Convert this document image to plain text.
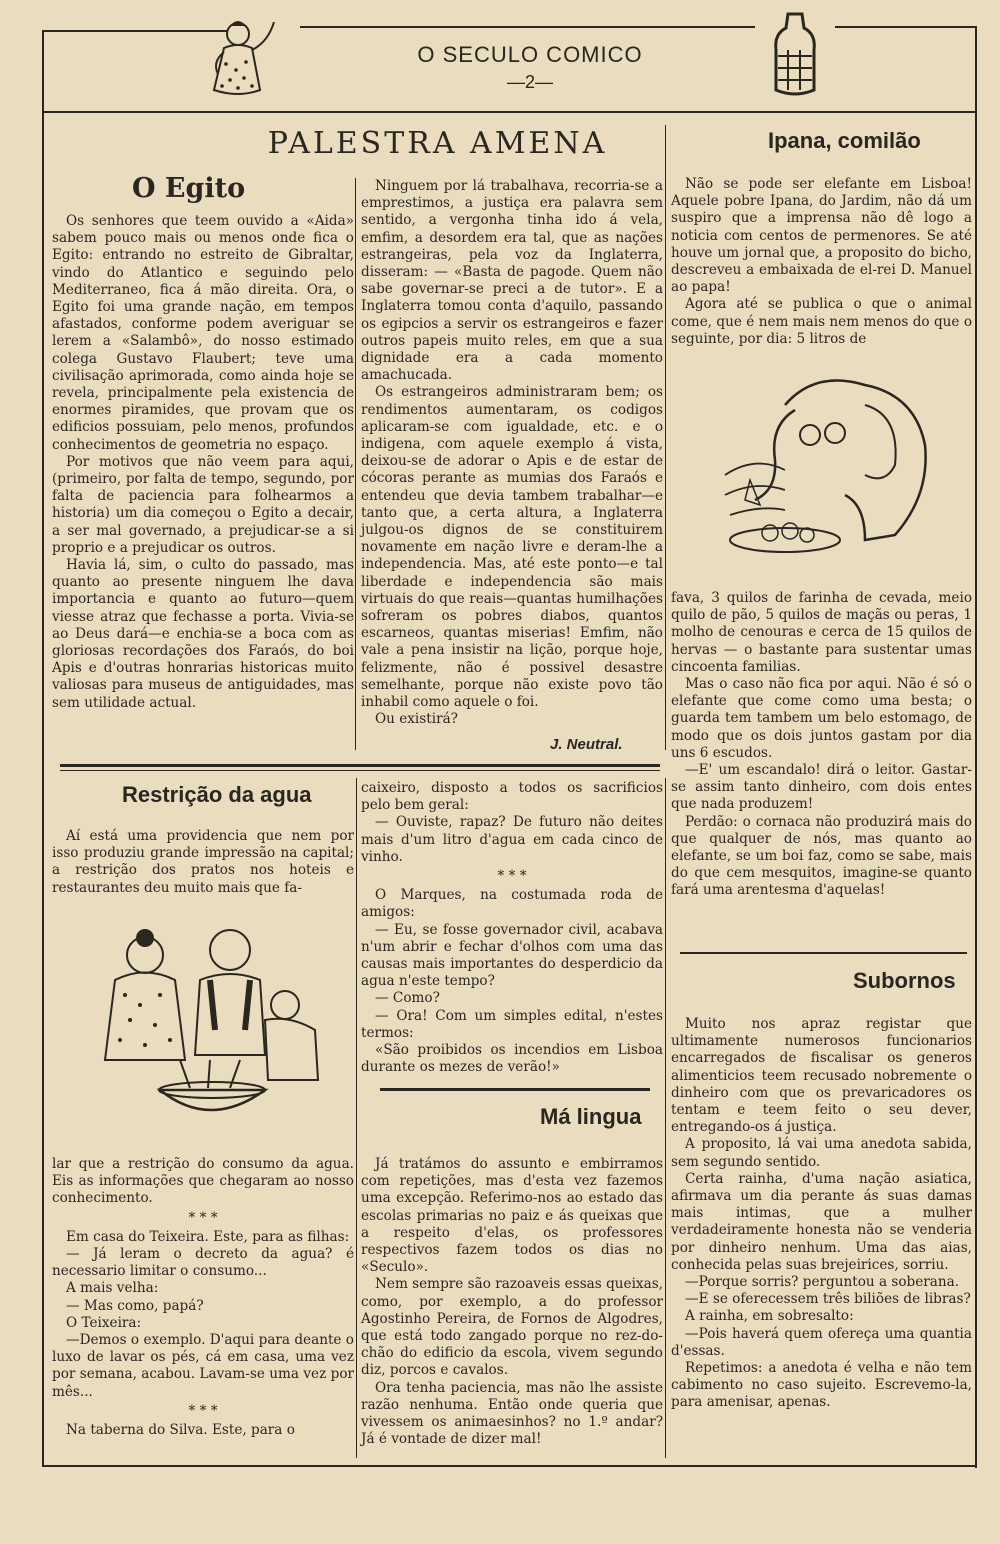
O SECULO COMICO
—2—
PALESTRA AMENA
O Egito

Os senhores que teem ouvido a «Aida» sabem pouco mais ou menos onde fica o Egito: entrando no estreito de Gibraltar, vindo do Atlantico e seguindo pelo Mediterraneo, fica á mão direita. Ora, o Egito foi uma grande nação, em tempos afastados, conforme podem averiguar se lerem a «Salambô», do nosso estimado colega Gustavo Flaubert; teve uma civilisação aprimorada, como ainda hoje se revela, principalmente pela existencia de enormes piramides, que provam que os edificios possuiam, pelo menos, profundos conhecimentos de geometria no espaço.

Por motivos que não veem para aqui, (primeiro, por falta de tempo, segundo, por falta de paciencia para folhearmos a historia) um dia começou o Egito a decair, a ser mal governado, a prejudicar-se a si proprio e a prejudicar os outros.

Havia lá, sim, o culto do passado, mas quanto ao presente ninguem lhe dava importancia e quanto ao futuro—quem viesse atraz que fechasse a porta. Vivia-se ao Deus dará—e enchia-se a boca com as gloriosas recordações dos Faraós, do boi Apis e d'outras honrarias historicas muito valiosas para museus de antiguidades, mas sem utilidade actual.

Ninguem por lá trabalhava, recorria-se a emprestimos, a justiça era palavra sem sentido, a vergonha tinha ido á vela, emfim, a desordem era tal, que as nações estrangeiras, pela voz da Inglaterra, disseram: — «Basta de pagode. Quem não sabe governar-se preci a de tutor». E a Inglaterra tomou conta d'aquilo, passando os egipcios a servir os estrangeiros e fazer outros papeis muito reles, em que a sua dignidade era a cada momento amachucada.

Os estrangeiros administraram bem; os rendimentos aumentaram, os codigos aplicaram-se com igualdade, etc. e o indigena, com aquele exemplo á vista, deixou-se de adorar o Apis e de estar de cócoras perante as mumias dos Faraós e entendeu que devia tambem trabalhar—e tanto que, a certa altura, a Inglaterra julgou-os dignos de se constituirem novamente em nação livre e deram-lhe a independencia. Mas, até este ponto—e tal liberdade e independencia são mais virtuais do que reais—quantas humilhações sofreram os pobres diabos, quantos escarneos, quantas miserias! Emfim, não vale a pena insistir na lição, porque hoje, felizmente, não é possivel desastre semelhante, porque não existe povo tão inhabil como aquele o foi.

Ou existirá?

J. Neutral.
Ipana, comilão

Não se pode ser elefante em Lisboa! Aquele pobre Ipana, do Jardim, não dá um suspiro que a imprensa não dê logo a noticia com centos de permenores. Se até houve um jornal que, a proposito do bicho, descreveu a embaixada de el-rei D. Manuel ao papa!

Agora até se publica o que o animal come, que é nem mais nem menos do que o seguinte, por dia: 5 litros de

fava, 3 quilos de farinha de cevada, meio quilo de pão, 5 quilos de maçãs ou peras, 1 molho de cenouras e cerca de 15 quilos de hervas — o bastante para sustentar umas cincoenta familias.

Mas o caso não fica por aqui. Não é só o elefante que come como uma besta; o guarda tem tambem um belo estomago, de modo que os dois juntos gastam por dia uns 6 escudos.

—E' um escandalo! dirá o leitor. Gastar-se assim tanto dinheiro, com dois entes que nada produzem!

Perdão: o cornaca não produzirá mais do que qualquer de nós, mas quanto ao elefante, se um boi faz, como se sabe, mais do que cem mesquitos, imagine-se quanto fará uma arentesma d'aquelas!

Subornos

Muito nos apraz registar que ultimamente numerosos funcionarios encarregados de fiscalisar os generos alimenticios teem recusado nobremente o dinheiro com que os prevaricadores os tentam e teem feito o seu dever, entregando-os á justiça.

A proposito, lá vai uma anedota sabida, sem segundo sentido.

Certa rainha, d'uma nação asiatica, afirmava um dia perante ás suas damas mais intimas, que a mulher verdadeiramente honesta não se venderia por dinheiro nenhum. Uma das aias, conhecida pelas suas brejeirices, sorriu.

—Porque sorris? perguntou a soberana.

—E se oferecessem três biliões de libras?

A rainha, em sobresalto:

—Pois haverá quem ofereça uma quantia d'essas.

Repetimos: a anedota é velha e não tem cabimento no caso sujeito. Escrevemo-la, para amenisar, apenas.

Restrição da agua

Aí está uma providencia que nem por isso produziu grande impressão na capital; a restrição dos pratos nos hoteis e restaurantes deu muito mais que fa-

lar que a restrição do consumo da agua. Eis as informações que chegaram ao nosso conhecimento.

* * *

Em casa do Teixeira. Este, para as filhas:

— Já leram o decreto da agua? é necessario limitar o consumo...

A mais velha:

— Mas como, papá?

O Teixeira:

—Demos o exemplo. D'aqui para deante o luxo de lavar os pés, cá em casa, uma vez por semana, acabou. Lavam-se uma vez por mês...

* * *

Na taberna do Silva. Este, para o

caixeiro, disposto a todos os sacrificios pelo bem geral:

— Ouviste, rapaz? De futuro não deites mais d'um litro d'agua em cada cinco de vinho.

* * *

O Marques, na costumada roda de amigos:

— Eu, se fosse governador civil, acabava n'um abrir e fechar d'olhos com uma das causas mais importantes do desperdicio da agua n'este tempo?

— Como?

— Ora! Com um simples edital, n'estes termos:

«São proibidos os incendios em Lisboa durante os mezes de verão!»

Má lingua

Já tratámos do assunto e embirramos com repetições, mas d'esta vez fazemos uma excepção. Referimo-nos ao estado das escolas primarias no paiz e ás queixas que a respeito d'elas, os professores respectivos fazem todos os dias no «Seculo».

Nem sempre são razoaveis essas queixas, como, por exemplo, a do professor Agostinho Pereira, de Fornos de Algodres, que está todo zangado porque no rez-do-chão do edificio da escola, vivem segundo diz, porcos e cavalos.

Ora tenha paciencia, mas não lhe assiste razão nenhuma. Então onde queria que vivessem os animaesinhos? no 1.º andar? Já é vontade de dizer mal!
